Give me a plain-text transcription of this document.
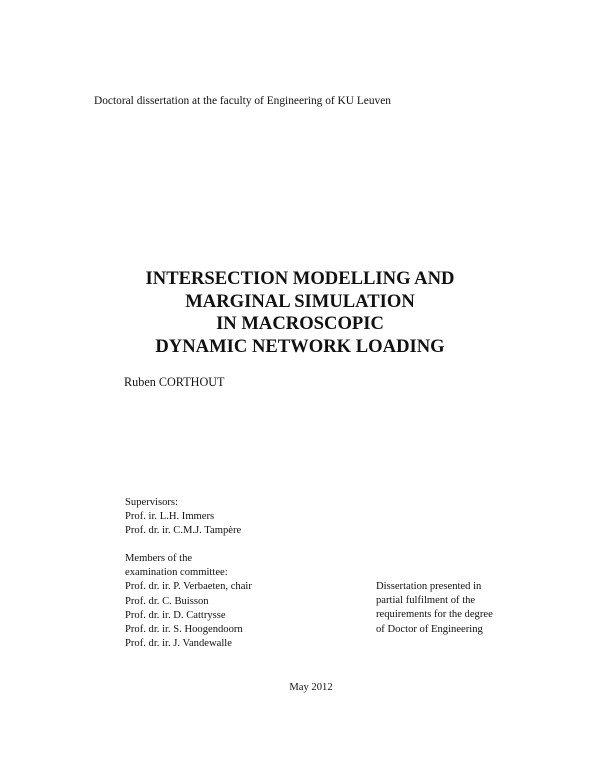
Doctoral dissertation at the faculty of Engineering of KU Leuven
INTERSECTION MODELLING AND
MARGINAL SIMULATION
IN MACROSCOPIC
DYNAMIC NETWORK LOADING
Ruben CORTHOUT
Supervisors:
Prof. ir. L.H. Immers
Prof. dr. ir. C.M.J. Tampère
Members of the
examination committee:
Prof. dr. ir. P. Verbaeten, chair
Prof. dr. C. Buisson
Prof. dr. ir. D. Cattrysse
Prof. dr. ir. S. Hoogendoorn
Prof. dr. ir. J. Vandewalle
Dissertation presented in
partial fulfilment of the
requirements for the degree
of Doctor of Engineering
May 2012
